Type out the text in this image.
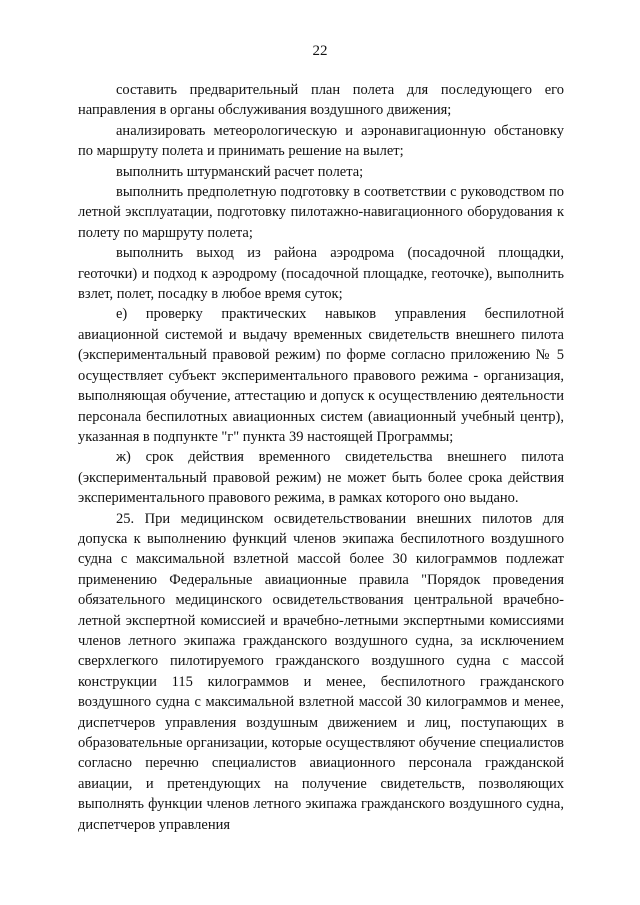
22

составить предварительный план полета для последующего его направления в органы обслуживания воздушного движения;

анализировать метеорологическую и аэронавигационную обстановку по маршруту полета и принимать решение на вылет;

выполнить штурманский расчет полета;

выполнить предполетную подготовку в соответствии с руководством по летной эксплуатации, подготовку пилотажно-навигационного оборудования к полету по маршруту полета;

выполнить выход из района аэродрома (посадочной площадки, геоточки) и подход к аэродрому (посадочной площадке, геоточке), выполнить взлет, полет, посадку в любое время суток;

е) проверку практических навыков управления беспилотной авиационной системой и выдачу временных свидетельств внешнего пилота (экспериментальный правовой режим) по форме согласно приложению № 5 осуществляет субъект экспериментального правового режима - организация, выполняющая обучение, аттестацию и допуск к осуществлению деятельности персонала беспилотных авиационных систем (авиационный учебный центр), указанная в подпункте "г" пункта 39 настоящей Программы;

ж) срок действия временного свидетельства внешнего пилота (экспериментальный правовой режим) не может быть более срока действия экспериментального правового режима, в рамках которого оно выдано.

25. При медицинском освидетельствовании внешних пилотов для допуска к выполнению функций членов экипажа беспилотного воздушного судна с максимальной взлетной массой более 30 килограммов подлежат применению Федеральные авиационные правила "Порядок проведения обязательного медицинского освидетельствования центральной врачебно-летной экспертной комиссией и врачебно-летными экспертными комиссиями членов летного экипажа гражданского воздушного судна, за исключением сверхлегкого пилотируемого гражданского воздушного судна с массой конструкции 115 килограммов и менее, беспилотного гражданского воздушного судна с максимальной взлетной массой 30 килограммов и менее, диспетчеров управления воздушным движением и лиц, поступающих в образовательные организации, которые осуществляют обучение специалистов согласно перечню специалистов авиационного персонала гражданской авиации, и претендующих на получение свидетельств, позволяющих выполнять функции членов летного экипажа гражданского воздушного судна, диспетчеров управления
